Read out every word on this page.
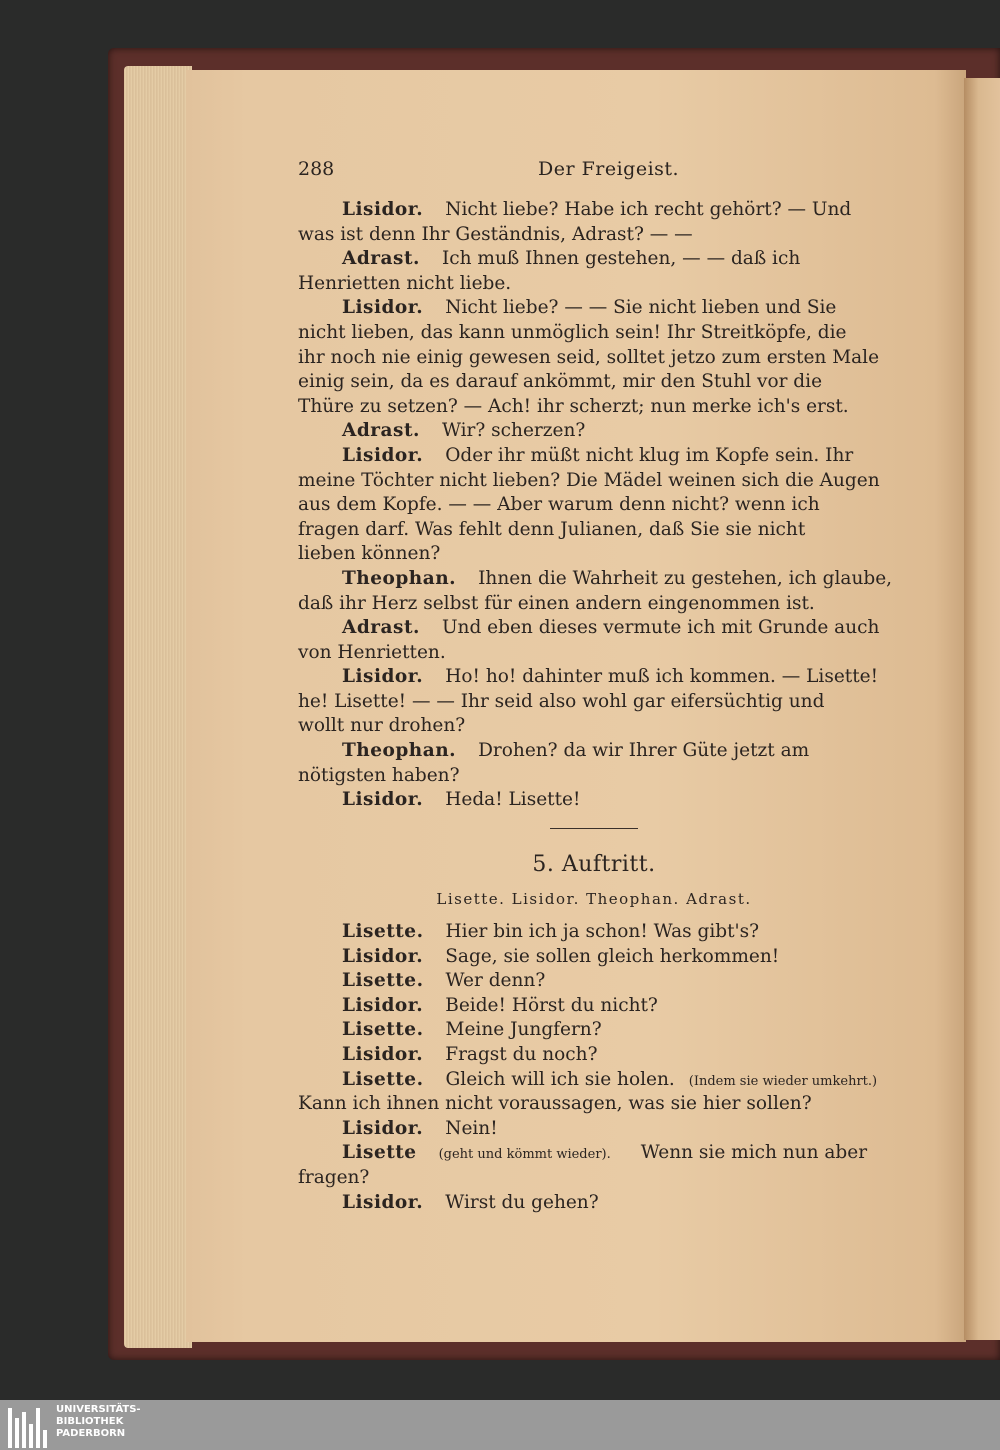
288	Der Freigeist.
Lisidor. Nicht liebe? Habe ich recht gehört? — Und
was ist denn Ihr Geständnis, Adrast? — —
Adrast. Ich muß Ihnen gestehen, — — daß ich
Henrietten nicht liebe.
Lisidor. Nicht liebe? — — Sie nicht lieben und Sie
nicht lieben, das kann unmöglich sein! Ihr Streitköpfe, die
ihr noch nie einig gewesen seid, solltet jetzo zum ersten Male
einig sein, da es darauf ankömmt, mir den Stuhl vor die
Thüre zu setzen? — Ach! ihr scherzt; nun merke ich's erst.
Adrast. Wir? scherzen?
Lisidor. Oder ihr müßt nicht klug im Kopfe sein. Ihr
meine Töchter nicht lieben? Die Mädel weinen sich die Augen
aus dem Kopfe. — — Aber warum denn nicht? wenn ich
fragen darf. Was fehlt denn Julianen, daß Sie sie nicht
lieben können?
Theophan. Ihnen die Wahrheit zu gestehen, ich glaube,
daß ihr Herz selbst für einen andern eingenommen ist.
Adrast. Und eben dieses vermute ich mit Grunde auch
von Henrietten.
Lisidor. Ho! ho! dahinter muß ich kommen. — Lisette!
he! Lisette! — — Ihr seid also wohl gar eifersüchtig und
wollt nur drohen?
Theophan. Drohen? da wir Ihrer Güte jetzt am
nötigsten haben?
Lisidor. Heda! Lisette!
5. Auftritt.
Lisette. Lisidor. Theophan. Adrast.
Lisette. Hier bin ich ja schon! Was gibt's?
Lisidor. Sage, sie sollen gleich herkommen!
Lisette. Wer denn?
Lisidor. Beide! Hörst du nicht?
Lisette. Meine Jungfern?
Lisidor. Fragst du noch?
Lisette. Gleich will ich sie holen. (Indem sie wieder umkehrt.)
Kann ich ihnen nicht voraussagen, was sie hier sollen?
Lisidor. Nein!
Lisette (geht und kömmt wieder). Wenn sie mich nun aber
fragen?
Lisidor. Wirst du gehen?
UNIVERSITÄTS-
BIBLIOTHEK
PADERBORN
